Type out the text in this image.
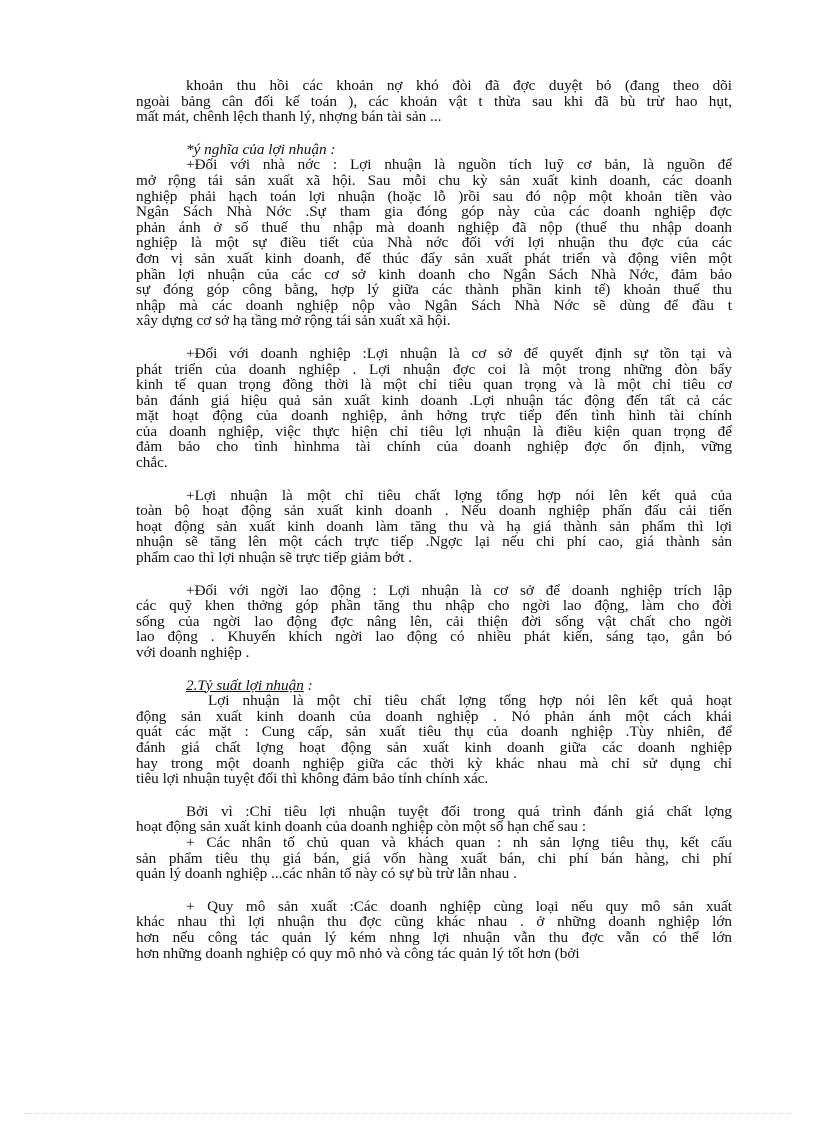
khoản thu hồi các khoản nợ khó đòi đã đợc duyệt bỏ (đang theo dõi
ngoài bảng cân đối kế toán ), các khoản vật t thừa sau khi đã bù trừ hao hụt,
mất mát, chênh lệch thanh lý, nhợng bán tài sản ...

*ý nghĩa của lợi nhuận :

+Đối với nhà nớc : Lợi nhuận là nguồn tích luỹ cơ bản, là nguồn để
mở rộng tái sản xuất xã hội. Sau mỗi chu kỳ sản xuất kinh doanh, các doanh
nghiệp phải hạch toán lợi nhuận (hoặc lỗ )rồi sau đó nộp một khoản tiền vào
Ngân Sách Nhà Nớc .Sự tham gia đóng góp này của các doanh nghiệp đợc
phản ánh ở số thuế thu nhập mà doanh nghiệp đã nộp (thuế thu nhập doanh
nghiệp là một sự điều tiết của Nhà nớc đối với lợi nhuận thu đợc của các
đơn vị sản xuất kinh doanh, để thúc đẩy sản xuất phát triển và động viên một
phần lợi nhuận của các cơ sở kinh doanh cho Ngân Sách Nhà Nớc, đảm bảo
sự đóng góp công bằng, hợp lý giữa các thành phần kinh tế) khoản thuế thu
nhập mà các doanh nghiệp nộp vào Ngân Sách Nhà Nớc sẽ dùng để đầu t
xây dựng cơ sở hạ tầng mở rộng tái sản xuất xã hội.
+Đối với doanh nghiệp :Lợi nhuận là cơ sở để quyết định sự tồn tại và
phát triển của doanh nghiệp . Lợi nhuận đợc coi là một trong những đòn bẩy
kinh tế quan trọng đồng thời là một chỉ tiêu quan trọng và là một chỉ tiêu cơ
bản đánh giá hiệu quả sản xuất kinh doanh .Lợi nhuận tác động đến tất cả các
mặt hoạt động của doanh nghiệp, ảnh hởng trực tiếp đến tình hình tài chính
của doanh nghiệp, việc thực hiện chỉ tiêu lợi nhuận là điều kiện quan trọng để
đảm bảo cho tình hìnhma tài chính của doanh nghiệp đợc ổn định, vững
chắc.
+Lợi nhuận là một chỉ tiêu chất lợng tổng hợp nói lên kết quả của
toàn bộ hoạt động sản xuất kinh doanh . Nếu doanh nghiệp phấn đấu cải tiến
hoạt động sản xuất kinh doanh làm tăng thu và hạ giá thành sản phẩm thì lợi
nhuận sẽ tăng lên một cách trực tiếp .Ngợc lại nếu chi phí cao, giá thành sản
phẩm cao thì lợi nhuận sẽ trực tiếp giảm bớt .
+Đối với ngời lao động : Lợi nhuận là cơ sở để doanh nghiệp trích lập
các quỹ khen thởng góp phần tăng thu nhập cho ngời lao động, làm cho đời
sống của ngời lao động đợc nâng lên, cải thiện đời sống vật chất cho ngời
lao động . Khuyến khích ngời lao động có nhiều phát kiến, sáng tạo, gắn bó
với doanh nghiệp .

2.Tỷ suất lợi nhuận :

Lợi nhuận là một chỉ tiêu chất lợng tổng hợp nói lên kết quả hoạt
động sản xuất kinh doanh của doanh nghiệp . Nó phản ánh một cách khái
quát các mặt : Cung cấp, sản xuất tiêu thụ của doanh nghiệp .Tùy nhiên, để
đánh giá chất lợng hoạt động sản xuất kinh doanh giữa các doanh nghiệp
hay trong một doanh nghiệp giữa các thời kỳ khác nhau mà chỉ sử dụng chỉ
tiêu lợi nhuận tuyệt đối thì không đảm bảo tính chính xác.
Bởi vì :Chỉ tiêu lợi nhuận tuyệt đối trong quá trình đánh giá chất lợng
hoạt động sản xuất kinh doanh của doanh nghiệp còn một số hạn chế sau :
+ Các nhân tố chủ quan và khách quan : nh sản lợng tiêu thụ, kết cấu
sản phẩm tiêu thụ giá bán, giá vốn hàng xuất bán, chi phí bán hàng, chi phí
quản lý doanh nghiệp ...các nhân tố này có sự bù trừ lẫn nhau .
+ Quy mô sản xuất :Các doanh nghiệp cùng loại nếu quy mô sản xuất
khác nhau thì lợi nhuận thu đợc cũng khác nhau . ở những doanh nghiệp lớn
hơn nếu công tác quản lý kém nhng lợi nhuận vẫn thu đợc vẫn có thể lớn
hơn những doanh nghiệp có quy mô nhỏ và công tác quản lý tốt hơn (bởi
